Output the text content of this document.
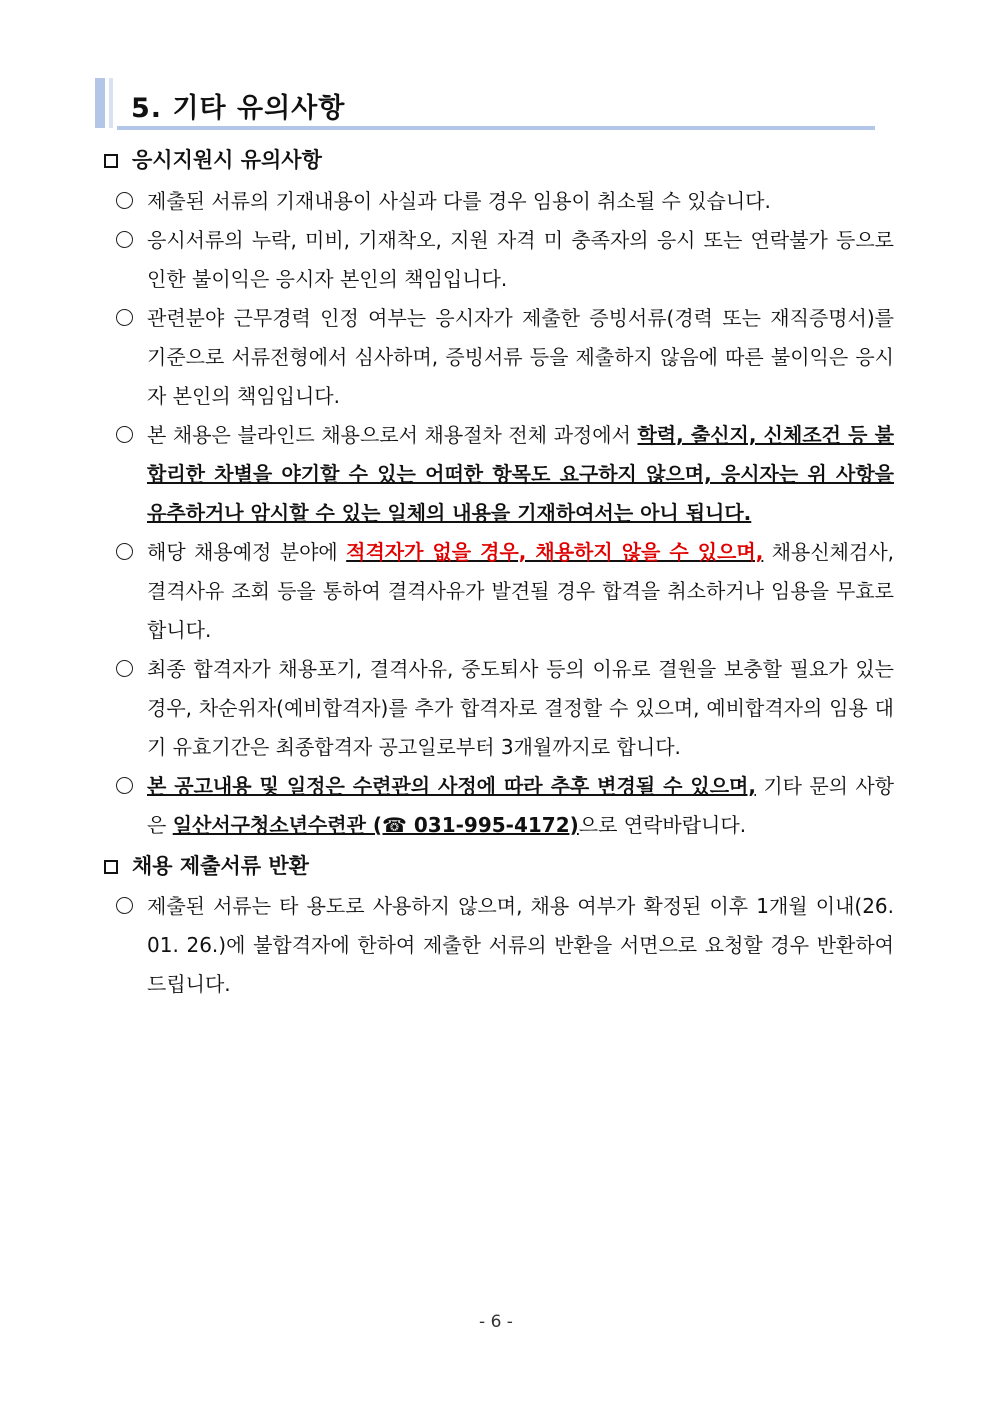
5. 기타 유의사항
응시지원시 유의사항
제출된 서류의 기재내용이 사실과 다를 경우 임용이 취소될 수 있습니다.
응시서류의 누락, 미비, 기재착오, 지원 자격 미 충족자의 응시 또는 연락불가 등으로 인한 불이익은 응시자 본인의 책임입니다.
관련분야 근무경력 인정 여부는 응시자가 제출한 증빙서류(경력 또는 재직증명서)를 기준으로 서류전형에서 심사하며, 증빙서류 등을 제출하지 않음에 따른 불이익은 응시자 본인의 책임입니다.
본 채용은 블라인드 채용으로서 채용절차 전체 과정에서 학력, 출신지, 신체조건 등 불합리한 차별을 야기할 수 있는 어떠한 항목도 요구하지 않으며, 응시자는 위 사항을 유추하거나 암시할 수 있는 일체의 내용을 기재하여서는 아니 됩니다.
해당 채용예정 분야에 적격자가 없을 경우, 채용하지 않을 수 있으며, 채용신체검사, 결격사유 조회 등을 통하여 결격사유가 발견될 경우 합격을 취소하거나 임용을 무효로 합니다.
최종 합격자가 채용포기, 결격사유, 중도퇴사 등의 이유로 결원을 보충할 필요가 있는 경우, 차순위자(예비합격자)를 추가 합격자로 결정할 수 있으며, 예비합격자의 임용 대기 유효기간은 최종합격자 공고일로부터 3개월까지로 합니다.
본 공고내용 및 일정은 수련관의 사정에 따라 추후 변경될 수 있으며, 기타 문의 사항은 일산서구청소년수련관 (☎ 031-995-4172)으로 연락바랍니다.
채용 제출서류 반환
제출된 서류는 타 용도로 사용하지 않으며, 채용 여부가 확정된 이후 1개월 이내(26. 01. 26.)에 불합격자에 한하여 제출한 서류의 반환을 서면으로 요청할 경우 반환하여 드립니다.
- 6 -
